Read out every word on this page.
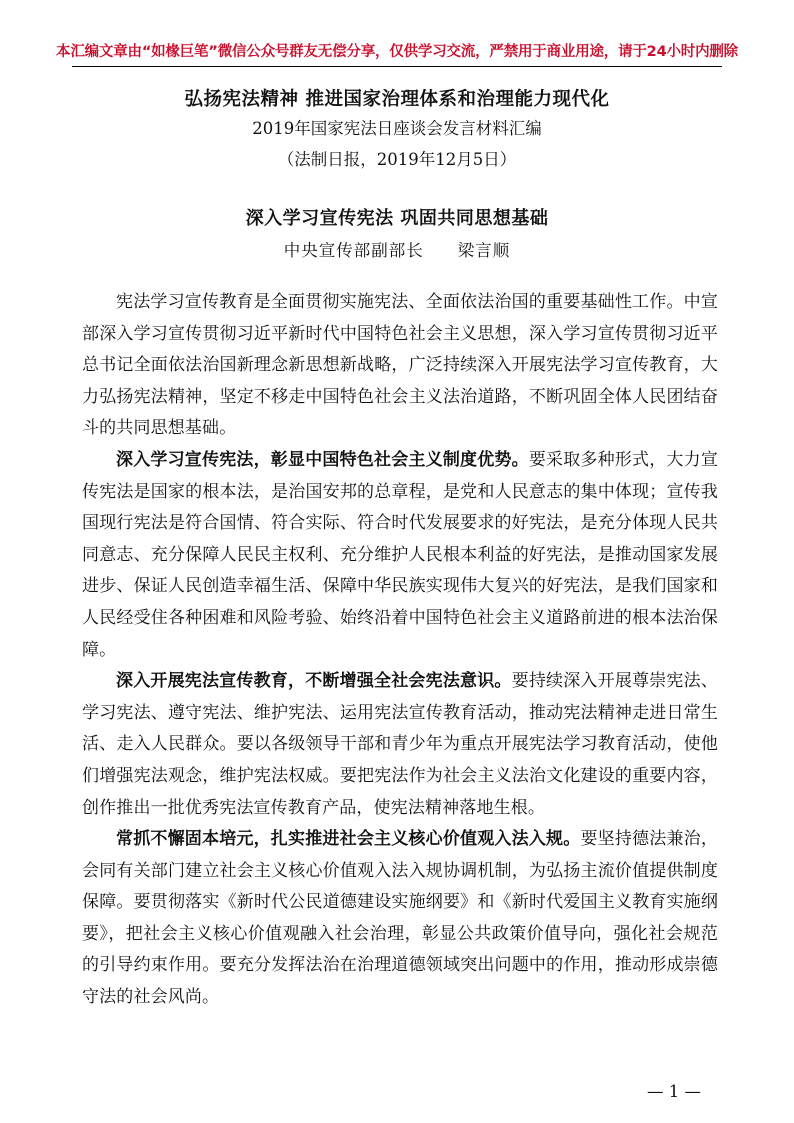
本汇编文章由“如椽巨笔”微信公众号群友无偿分享，仅供学习交流，严禁用于商业用途，请于24小时内删除
弘扬宪法精神 推进国家治理体系和治理能力现代化
2019年国家宪法日座谈会发言材料汇编
（法制日报，2019年12月5日）
深入学习宣传宪法 巩固共同思想基础
中央宣传部副部长 梁言顺

宪法学习宣传教育是全面贯彻实施宪法、全面依法治国的重要基础性工作。中宣部深入学习宣传贯彻习近平新时代中国特色社会主义思想，深入学习宣传贯彻习近平总书记全面依法治国新理念新思想新战略，广泛持续深入开展宪法学习宣传教育，大力弘扬宪法精神，坚定不移走中国特色社会主义法治道路，不断巩固全体人民团结奋斗的共同思想基础。

深入学习宣传宪法，彰显中国特色社会主义制度优势。要采取多种形式，大力宣传宪法是国家的根本法，是治国安邦的总章程，是党和人民意志的集中体现；宣传我国现行宪法是符合国情、符合实际、符合时代发展要求的好宪法，是充分体现人民共同意志、充分保障人民民主权利、充分维护人民根本利益的好宪法，是推动国家发展进步、保证人民创造幸福生活、保障中华民族实现伟大复兴的好宪法，是我们国家和人民经受住各种困难和风险考验、始终沿着中国特色社会主义道路前进的根本法治保障。

深入开展宪法宣传教育，不断增强全社会宪法意识。要持续深入开展尊崇宪法、学习宪法、遵守宪法、维护宪法、运用宪法宣传教育活动，推动宪法精神走进日常生活、走入人民群众。要以各级领导干部和青少年为重点开展宪法学习教育活动，使他们增强宪法观念，维护宪法权威。要把宪法作为社会主义法治文化建设的重要内容，创作推出一批优秀宪法宣传教育产品，使宪法精神落地生根。

常抓不懈固本培元，扎实推进社会主义核心价值观入法入规。要坚持德法兼治，会同有关部门建立社会主义核心价值观入法入规协调机制，为弘扬主流价值提供制度保障。要贯彻落实《新时代公民道德建设实施纲要》和《新时代爱国主义教育实施纲要》，把社会主义核心价值观融入社会治理，彰显公共政策价值导向，强化社会规范的引导约束作用。要充分发挥法治在治理道德领域突出问题中的作用，推动形成崇德守法的社会风尚。

— 1 —
